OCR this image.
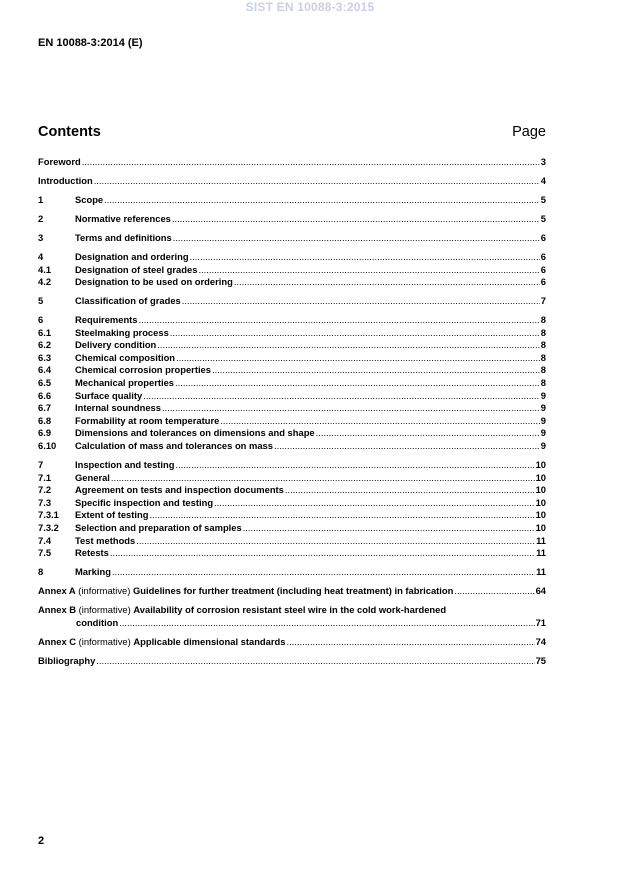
SIST EN 10088-3:2015
EN 10088-3:2014 (E)
Contents	Page
Foreword .....	3
Introduction .....	4
1	Scope .....	5
2	Normative references .....	5
3	Terms and definitions .....	6
4	Designation and ordering .....	6
4.1	Designation of steel grades .....	6
4.2	Designation to be used on ordering .....	6
5	Classification of grades .....	7
6	Requirements .....	8
6.1	Steelmaking process .....	8
6.2	Delivery condition .....	8
6.3	Chemical composition .....	8
6.4	Chemical corrosion properties .....	8
6.5	Mechanical properties .....	8
6.6	Surface quality .....	9
6.7	Internal soundness .....	9
6.8	Formability at room temperature .....	9
6.9	Dimensions and tolerances on dimensions and shape .....	9
6.10	Calculation of mass and tolerances on mass .....	9
7	Inspection and testing .....	10
7.1	General .....	10
7.2	Agreement on tests and inspection documents .....	10
7.3	Specific inspection and testing .....	10
7.3.1	Extent of testing .....	10
7.3.2	Selection and preparation of samples .....	10
7.4	Test methods .....	11
7.5	Retests .....	11
8	Marking .....	11
Annex A (informative) Guidelines for further treatment (including heat treatment) in fabrication .....	64
Annex B (informative) Availability of corrosion resistant steel wire in the cold work-hardened
condition .....	71
Annex C (informative) Applicable dimensional standards .....	74
Bibliography .....	75
2
